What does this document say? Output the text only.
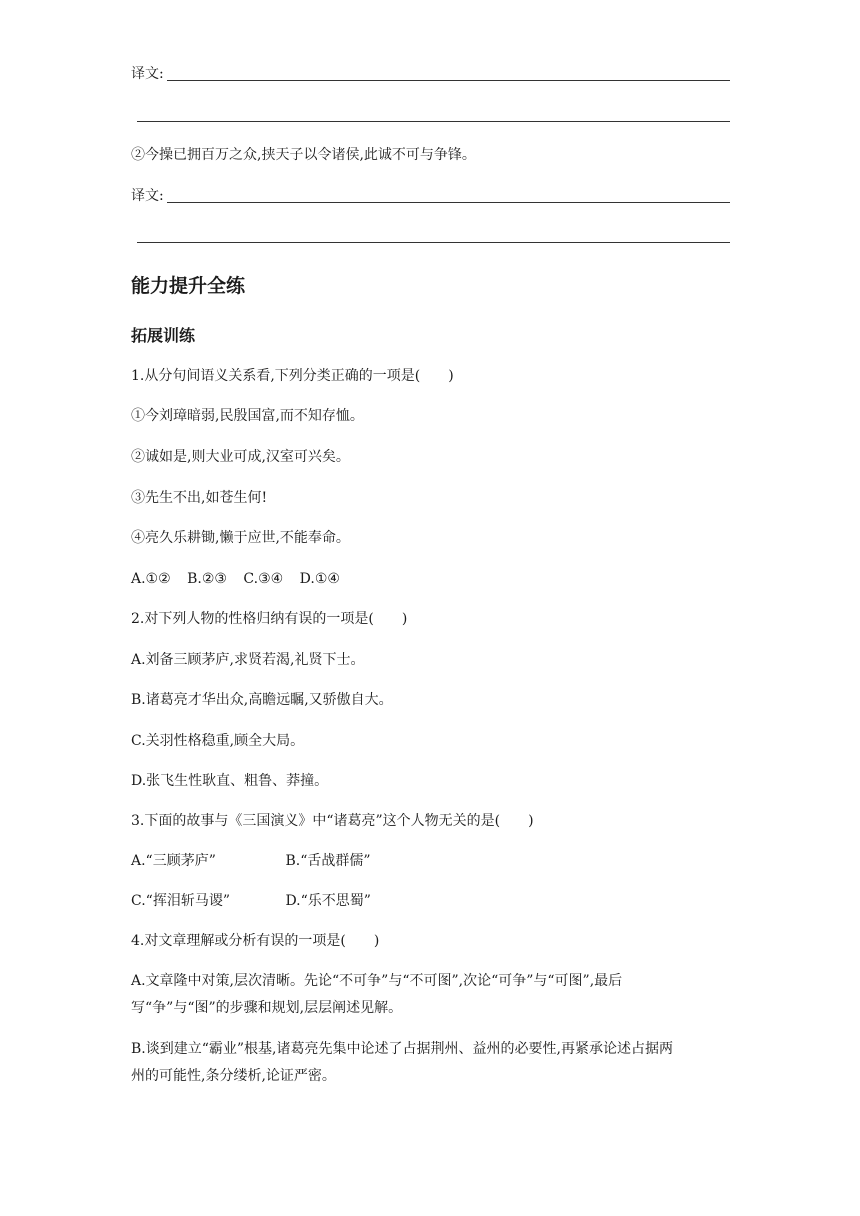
译文:
②今操已拥百万之众,挟天子以令诸侯,此诚不可与争锋。
译文:
能力提升全练
拓展训练
1.从分句间语义关系看,下列分类正确的一项是(　　)
①今刘璋暗弱,民殷国富,而不知存恤。
②诚如是,则大业可成,汉室可兴矣。
③先生不出,如苍生何!
④亮久乐耕锄,懒于应世,不能奉命。
A.①② B.②③ C.③④ D.①④
2.对下列人物的性格归纳有误的一项是(　　)
A.刘备三顾茅庐,求贤若渴,礼贤下士。
B.诸葛亮才华出众,高瞻远瞩,又骄傲自大。
C.关羽性格稳重,顾全大局。
D.张飞生性耿直、粗鲁、莽撞。
3.下面的故事与《三国演义》中“诸葛亮”这个人物无关的是(　　)
A.“三顾茅庐”	B.“舌战群儒”
C.“挥泪斩马谡”	D.“乐不思蜀”
4.对文章理解或分析有误的一项是(　　)
A.文章隆中对策,层次清晰。先论“不可争”与“不可图”,次论“可争”与“可图”,最后
写“争”与“图”的步骤和规划,层层阐述见解。
B.谈到建立“霸业”根基,诸葛亮先集中论述了占据荆州、益州的必要性,再紧承论述占据两
州的可能性,条分缕析,论证严密。
